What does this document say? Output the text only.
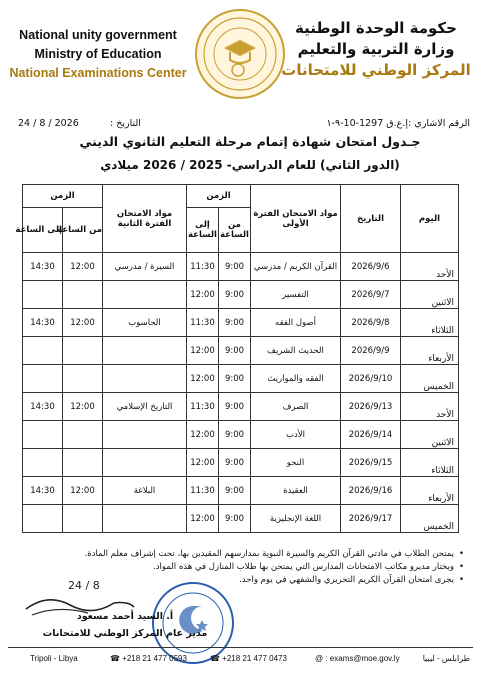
National unity government
Ministry of Education
National Examinations Center
حكومة الوحدة الوطنية
وزارة التربية والتعليم
المركز الوطني للامتحانات
الرقم الاشاري :
إ.ع.ق 1297-10-٩-١
التاريخ :
2026 / 8 / 24
جـدول امتحان شهادة إتمام مرحلة التعليم الثانوي الديني
(الدور الثاني) للعام الدراسي- 2025 / 2026 ميلادي
اليوم	التاريخ	مواد الامتحان الفترة الأولى	الزمن		مواد الامتحان الفترة الثانية	الزمن	
			من الساعة	إلى الساعة		من الساعة	إلى الساعة
الأحد	2026/9/6	القرآن الكريم / مدرسي	9:00	11:30	السيرة / مدرسي	12:00	14:30
الاثنين	2026/9/7	التفسير	9:00	12:00			
الثلاثاء	2026/9/8	أصول الفقه	9:00	11:30	الحاسوب	12:00	14:30
الأربعاء	2026/9/9	الحديث الشريف	9:00	12:00			
الخميس	2026/9/10	الفقه والمواريث	9:00	12:00			
الأحد	2026/9/13	الصرف	9:00	11:30	التاريخ الإسلامي	12:00	14:30
الاثنين	2026/9/14	الأدب	9:00	12:00			
الثلاثاء	2026/9/15	النحو	9:00	12:00			
الأربعاء	2026/9/16	العقيدة	9:00	11:30	البلاغة	12:00	14:30
الخميس	2026/9/17	اللغة الإنجليزية	9:00	12:00			
• يمتحن الطلاب في مادتي القرآن الكريم والسيرة النبوية بمدارسهم المقيدين بها، تحت إشراف معلم المادة.
• ويختار مديرو مكاتب الامتحانات المدارس التي يمتحن بها طلاب المنازل في هذه المواد.
• يجرى امتحان القرآن الكريم التحريري والشفهي في يوم واحد.
24 / 8
أ. السيد أحمد مسعود
مدير عام المركز الوطني للامتحانات
Tripoli - Libya	☎ +218 21 477 0593	☎ +218 21 477 0473	@ : exams@moe.gov.ly	طرابلس - ليبيا
